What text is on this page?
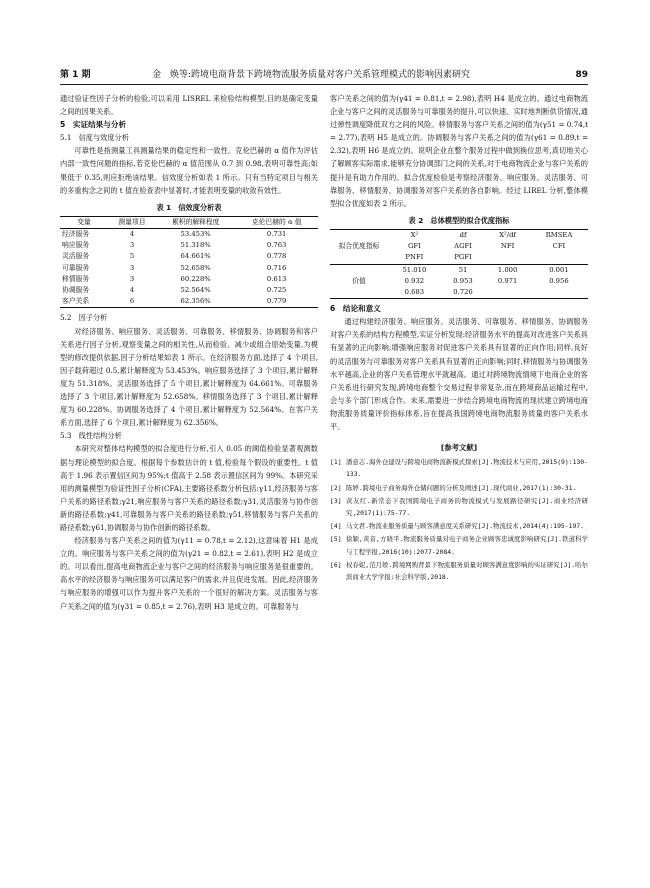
第 1 期	金　焕等:跨境电商背景下跨境物流服务质量对客户关系管理模式的影响因素研究	89

通过验证性因子分析的检验,可以采用 LISREL 来检验结构模型,目的是确定变量之间的因果关系。

5　实证结果与分析
5.1　信度与效度分析

可靠性是指测量工具测量结果的稳定性和一致性。克伦巴赫的 α 值作为评估内部一致性问题的指标,若克伦巴赫的 α 值范围从 0.7 到 0.98,表明可靠性高;如果低于 0.35,则应拒绝该结果。信效度分析如表 1 所示。只有当特定项目与相关的多重构念之间的 t 值在检查表中显著时,才能表明变量的收敛有效性。

表 1　信效度分析表
变量	测量项目	累积的解释程度	克伦巴赫的 α 值
经济服务	4	53.453%	0.731
响应服务	3	51.318%	0.763
灵活服务	5	64.661%	0.778
可靠服务	3	52.658%	0.716
移情服务	3	60.228%	0.613
协调服务	4	52.564%	0.725
客户关系	6	62.356%	0.779
5.2　因子分析

对经济服务、响应服务、灵活服务、可靠服务、移情服务、协调服务和客户关系进行因子分析,观察变量之间的相关性,从而检验、减少或组合原始变量,为模型的修改提供依据,因子分析结果如表 1 所示。在经济服务方面,选择了 4 个项目,因子载荷超过 0.5,累计解释度为 53.453%。响应服务选择了 3 个项目,累计解释度为 51.318%。灵活服务选择了 5 个项目,累计解释度为 64.661%。可靠服务选择了 3 个项目,累计解释度为 52.658%。移情服务选择了 3 个项目,累计解释度为 60.228%。协调服务选择了 4 个项目,累计解释度为 52.564%。在客户关系方面,选择了 6 个项目,累计解释度为 62.356%。

5.3　线性结构分析

本研究对整体结构模型的拟合度进行分析,引入 0.05 的阈值检验显著观测数据与理论模型的拟合度。根据每个参数估计的 t 值,检验每个假设的重要性。t 值高于 1.96 表示置信区间为 95%;t 值高于 2.58 表示置信区间为 99%。本研究采用的测量模型为验证性因子分析(CFA),主要路径系数分析包括:γ11,经济服务与客户关系的路径系数;γ21,响应服务与客户关系的路径系数;γ31,灵活服务与协作创新的路径系数;γ41,可靠服务与客户关系的路径系数;γ51,移情服务与客户关系的路径系数;γ61,协调服务与协作创新的路径系数。

经济服务与客户关系之间的值为(γ11 = 0.78,t = 2.12),这意味着 H1 是成立的。响应服务与客户关系之间的值为(γ21 = 0.82,t = 2.61),表明 H2 是成立的。可以看出,提高电商物流企业与客户之间的经济服务与响应服务是很重要的。高水平的经济服务与响应服务可以满足客户的需求,并且促进发展。因此,经济服务与响应服务的增强可以作为提升客户关系的一个很好的解决方案。灵活服务与客户关系之间的值为(γ31 = 0.85,t = 2.76),表明 H3 是成立的。可靠服务与

客户关系之间的值为(γ41 = 0.81,t = 2.98),表明 H4 是成立的。通过电商物流企业与客户之间的灵活服务与可靠服务的提升,可以快速、实时地判断供货情况,通过弹性调度降低双方之间的风险。移情服务与客户关系之间的值为(γ51 = 0.74,t = 2.77),表明 H5 是成立的。协调服务与客户关系之间的值为(γ61 = 0.89,t = 2.32),表明 H6 是成立的。说明企业在整个服务过程中做到换位思考,真切地关心了解顾客实际需求,能够充分协调部门之间的关系,对于电商物流企业与客户关系的提升是有助力作用的。拟合优度检验是考察经济服务、响应服务、灵活服务、可靠服务、移情服务、协调服务对客户关系的各自影响。经过 LIREL 分析,整体模型拟合优度如表 2 所示。

表 2　总体模型的拟合优度指标
拟合优度指标	X²	df	X²/df	RMSEA
	GFI	AGFI	NFI	CFI
	PNFI	PGFI		
价值	51.010	51	1.000	0.001
	0.932	0.953	0.971	0.956
	0.683	0.726		
6　结论和意义

通过构建经济服务、响应服务、灵活服务、可靠服务、移情服务、协调服务对客户关系的结构方程模型,实证分析发现:经济服务水平的提高对改进客户关系具有显著的正向影响;增强响应服务对促进客户关系具有显著的正向作用;同样,良好的灵活服务与可靠服务对客户关系具有显著的正向影响;同时,移情服务与协调服务水平越高,企业的客户关系管理水平就越高。通过对跨境物流情境下电商企业的客户关系进行研究发现,跨境电商整个交易过程非常复杂,而在跨境商品运输过程中,会与多个部门形成合作。未来,需要进一步结合跨境电商物流的现状建立跨境电商物流服务质量评价指标体系,旨在提高我国跨境电商物流服务质量的客户关系水平。

[参考文献]
[1] 潘意志.海外仓建设与跨境电商物流新模式探索[J].物流技术与应用,2015(9):130-133.
[2] 陈婷.跨境电子商务海外仓储问题的分析及阐述[J].现代商业,2017(1):30-31.
[3] 黄友红.新常态下我国跨境电子商务的物流模式与发展路径研究[J].商业经济研究,2017(1):75-77.
[4] 马文君.物流业服务质量与顾客满意度关系研究[J].物流技术,2014(4):195-197.
[5] 徐颖,黄音,方晓平.物流服务质量对电子商务企业顾客忠诚度影响研究[J].铁道科学与工程学报,2016(10):2077-2084.
[6] 权春妮,范月娇.跨境网购背景下物流服务质量对顾客满意度影响的实证研究[J].哈尔滨商业大学学报:社会科学版,2018.
